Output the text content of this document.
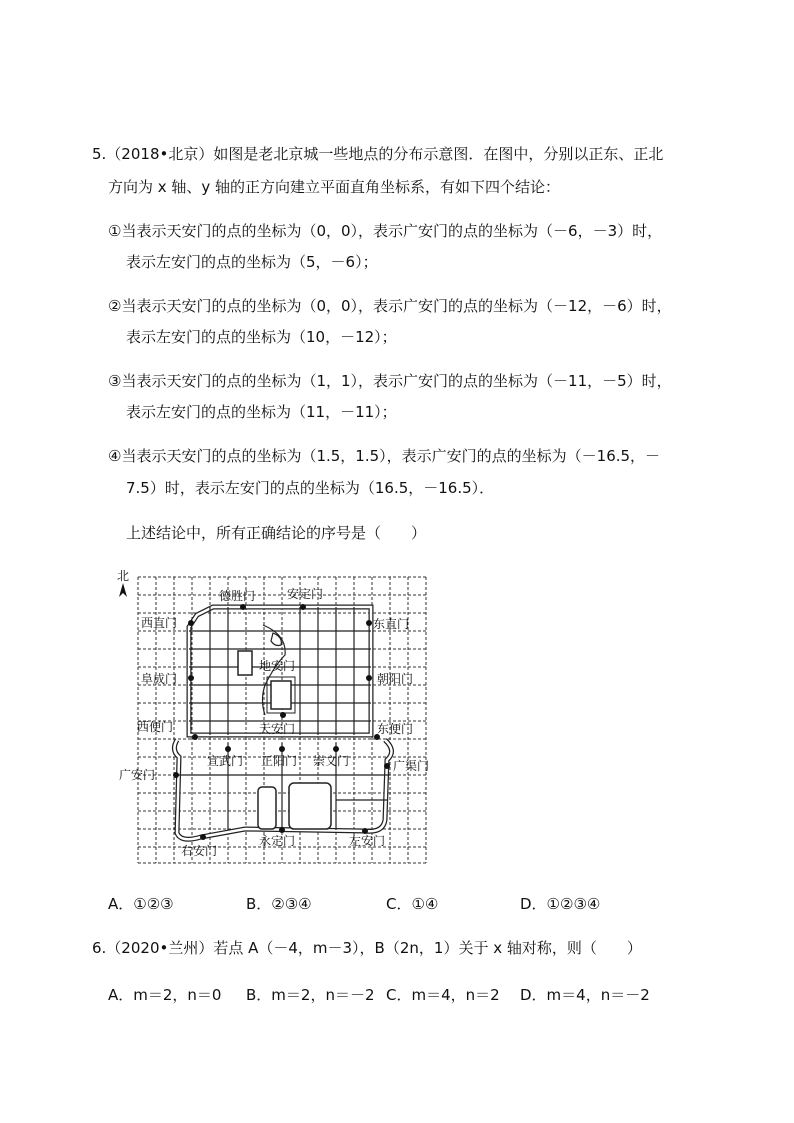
5.（2018•北京）如图是老北京城一些地点的分布示意图．在图中，分别以正东、正北
方向为 x 轴、y 轴的正方向建立平面直角坐标系，有如下四个结论：
①当表示天安门的点的坐标为（0，0），表示广安门的点的坐标为（－6，－3）时，
表示左安门的点的坐标为（5，－6）；
②当表示天安门的点的坐标为（0，0），表示广安门的点的坐标为（－12，－6）时，
表示左安门的点的坐标为（10，－12）；
③当表示天安门的点的坐标为（1，1），表示广安门的点的坐标为（－11，－5）时，
表示左安门的点的坐标为（11，－11）；
④当表示天安门的点的坐标为（1.5，1.5），表示广安门的点的坐标为（－16.5，－
7.5）时，表示左安门的点的坐标为（16.5，－16.5）．
上述结论中，所有正确结论的序号是（　　）
北
德胜门	安定门
西直门	东直门
地安门
阜成门	朝阳门
西便门	天安门	东便门
广安门
宣武门 正阳门 崇文门	广渠门
右安门
永定门	左安门
A．①②③	B．②③④	C．①④	D．①②③④
6.（2020•兰州）若点 A（－4，m－3），B（2n，1）关于 x 轴对称，则（　　）
A．m＝2，n＝0 B．m＝2，n＝－2 C．m＝4，n＝2 D．m＝4，n＝－2
